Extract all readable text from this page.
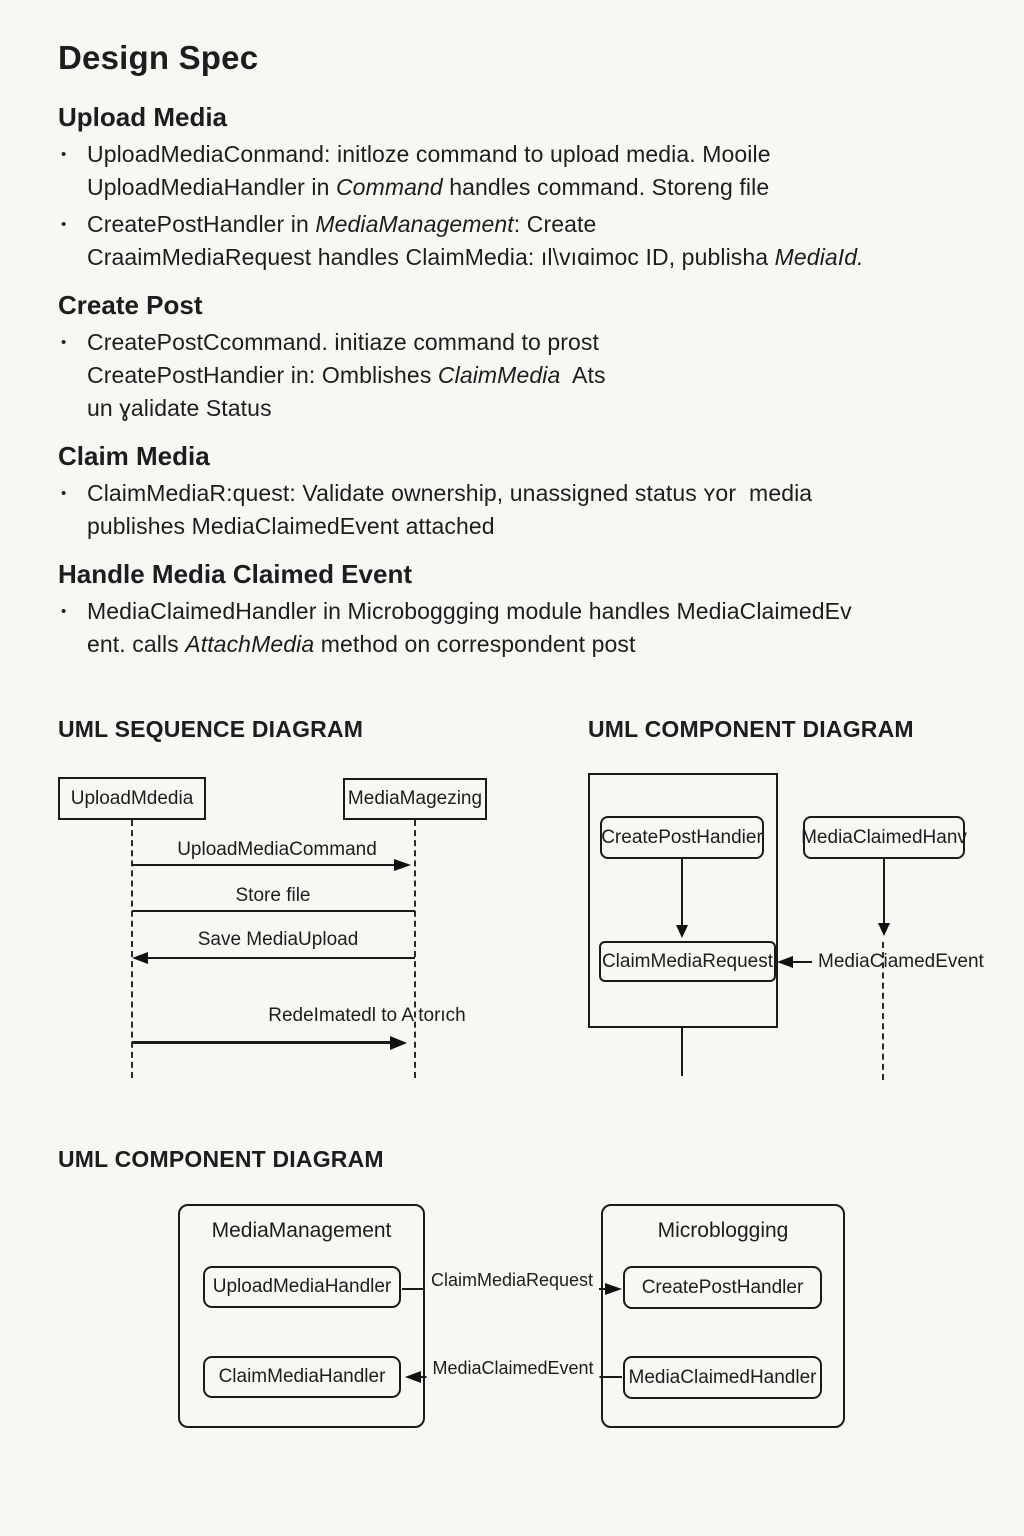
Design Spec
Upload Media
• UploadMediaConmand: initloze command to upload media. Mooile
UploadMediaHandler in Command handles command. Storeng file
• CreatePostHandler in MediaManagement: Create
CraaimMediaRequest handles ClaimMedia: ıl\vıɑimoc ID, publisha MediaId.
Create Post
• CreatePostCcommand. initiaze command to prost
CreatePostHandier in: Omblishes ClaimMedia  Ats
un ɣalidate Status
Claim Media
• ClaimMediaR:quest: Validate ownership, unassigned status ʏor  media
publishes MediaClaimedEvent attached
Handle Media Claimed Event
• MediaClaimedHandler in Microboggging module handles MediaClaimedEv
ent. calls AttachMedia method on correspondent post
UML SEQUENCE DIAGRAM	UML COMPONENT DIAGRAM
UploadMdedia	MediaMagezing
UploadMediaCommand
Store file
Save MediaUpload
RedeImatedl to A torıch
CreatePostHandier
ClaimMediaRequest
MediaClaimedHanv
MediaCiamedEvent
UML COMPONENT DIAGRAM
MediaManagement
UploadMediaHandler
ClaimMediaHandler
Microblogging
CreatePostHandler
MediaClaimedHandler
ClaimMediaRequest
MediaClaimedEvent
